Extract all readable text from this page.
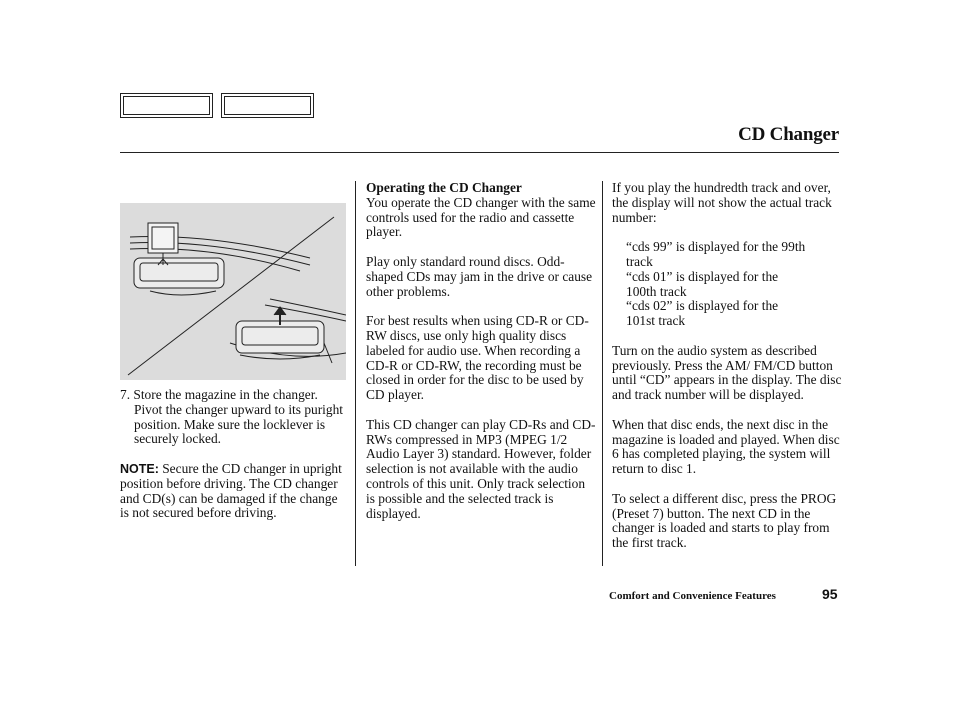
CD Changer

7. Store the magazine in the changer. Pivot the changer upward to its puright position. Make sure the locklever is securely locked.

NOTE: Secure the CD changer in upright position before driving. The CD changer and CD(s) can be damaged if the change is not secured before driving.

Operating the CD Changer

You operate the CD changer with the same controls used for the radio and cassette player.

Play only standard round discs. Odd-shaped CDs may jam in the drive or cause other problems.

For best results when using CD-R or CD-RW discs, use only high quality discs labeled for audio use. When recording a CD-R or CD-RW, the recording must be closed in order for the disc to be used by CD player.

This CD changer can play CD-Rs and CD-RWs compressed in MP3 (MPEG 1/2 Audio Layer 3) standard. However, folder selection is not available with the audio controls of this unit. Only track selection is possible and the selected track is displayed.

If you play the hundredth track and over, the display will not show the actual track number:

“cds 99” is displayed for the 99th track
“cds 01” is displayed for the 100th track
“cds 02” is displayed for the 101st track

Turn on the audio system as described previously. Press the AM/ FM/CD button until “CD” appears in the display. The disc and track number will be displayed.

When that disc ends, the next disc in the magazine is loaded and played. When disc 6 has completed playing, the system will return to disc 1.

To select a different disc, press the PROG (Preset 7) button. The next CD in the changer is loaded and starts to play from the first track.

Comfort and Convenience Features	95
